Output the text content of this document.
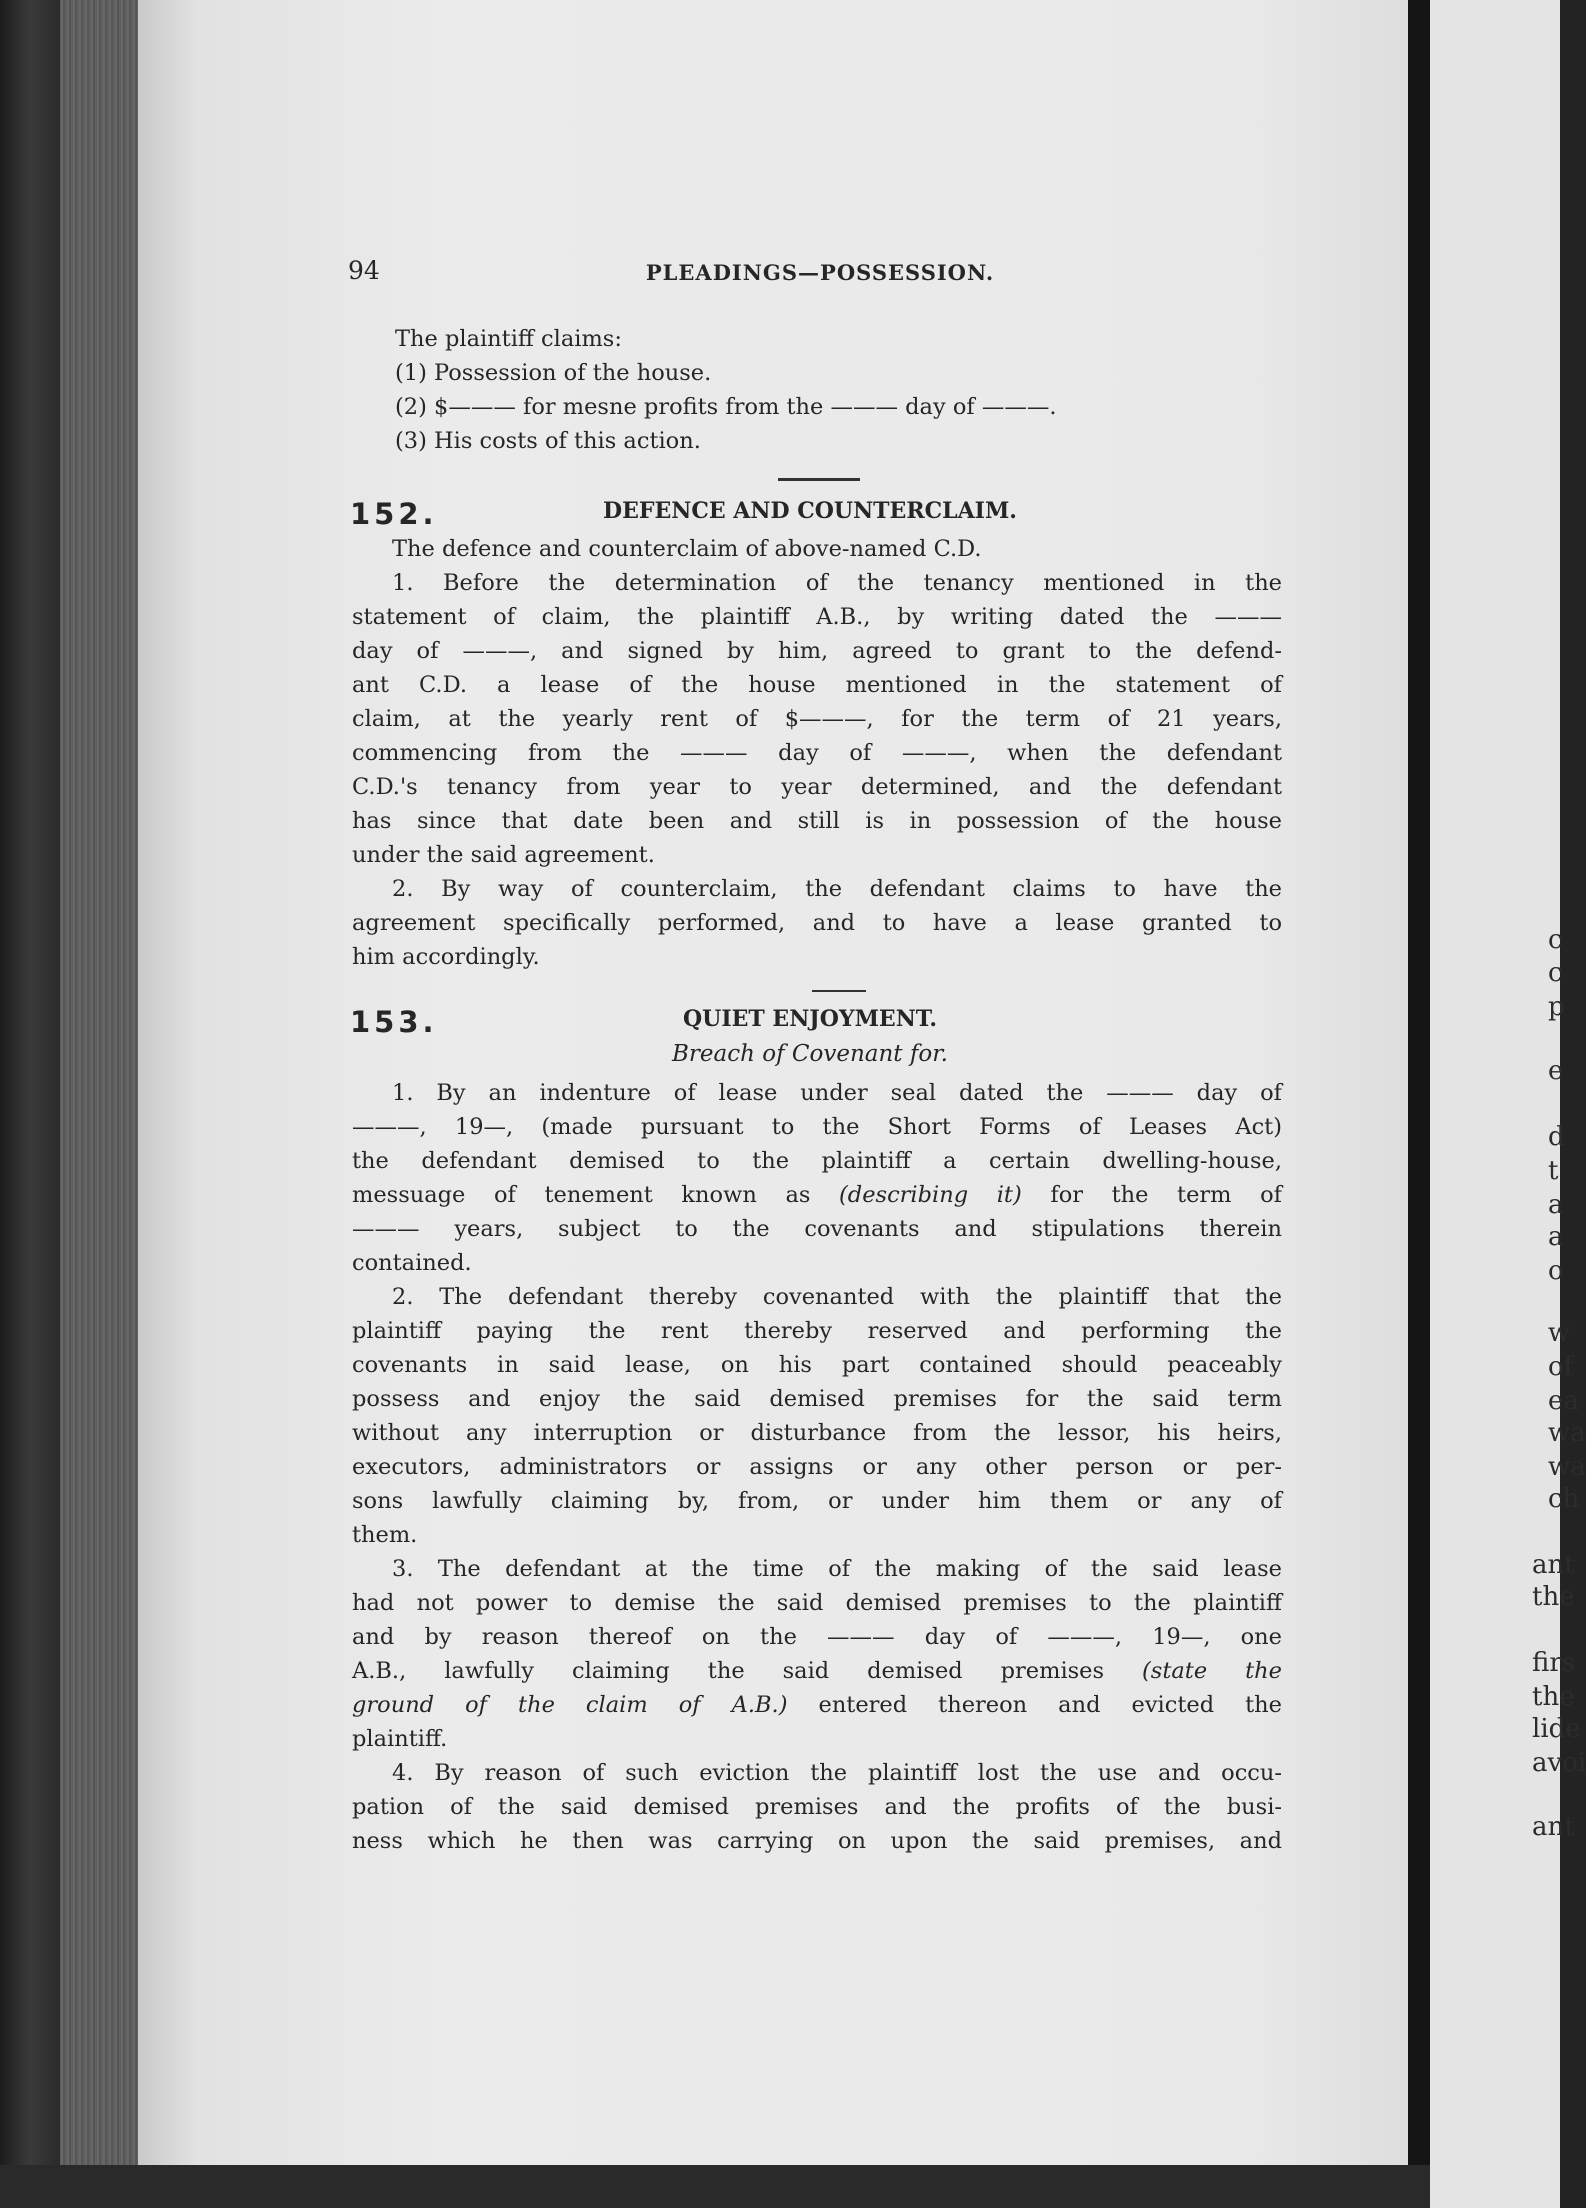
94	PLEADINGS—POSSESSION.
c
c
p
e
d
t
a
a
o
w
of
ea
wa
wa
ch
ant
the
firs
the
lide
avoi
ant
The plaintiff claims:
(1) Possession of the house.
(2) $——— for mesne profits from the ——— day of ———.
(3) His costs of this action.
152.	DEFENCE AND COUNTERCLAIM.
The defence and counterclaim of above-named C.D.
1. Before the determination of the tenancy mentioned in the
statement of claim, the plaintiff A.B., by writing dated the ———
day of ———, and signed by him, agreed to grant to the defend-
ant C.D. a lease of the house mentioned in the statement of
claim, at the yearly rent of $———, for the term of 21 years,
commencing from the ——— day of ———, when the defendant
C.D.'s tenancy from year to year determined, and the defendant
has since that date been and still is in possession of the house
under the said agreement.
2. By way of counterclaim, the defendant claims to have the
agreement specifically performed, and to have a lease granted to
him accordingly.
153.	QUIET ENJOYMENT.
Breach of Covenant for.
1. By an indenture of lease under seal dated the ——— day of
———, 19—, (made pursuant to the Short Forms of Leases Act)
the defendant demised to the plaintiff a certain dwelling-house,
messuage of tenement known as (describing it) for the term of
——— years, subject to the covenants and stipulations therein
contained.
2. The defendant thereby covenanted with the plaintiff that the
plaintiff paying the rent thereby reserved and performing the
covenants in said lease, on his part contained should peaceably
possess and enjoy the said demised premises for the said term
without any interruption or disturbance from the lessor, his heirs,
executors, administrators or assigns or any other person or per-
sons lawfully claiming by, from, or under him them or any of
them.
3. The defendant at the time of the making of the said lease
had not power to demise the said demised premises to the plaintiff
and by reason thereof on the ——— day of ———, 19—, one
A.B., lawfully claiming the said demised premises (state the
ground of the claim of A.B.) entered thereon and evicted the
plaintiff.
4. By reason of such eviction the plaintiff lost the use and occu-
pation of the said demised premises and the profits of the busi-
ness which he then was carrying on upon the said premises, and
